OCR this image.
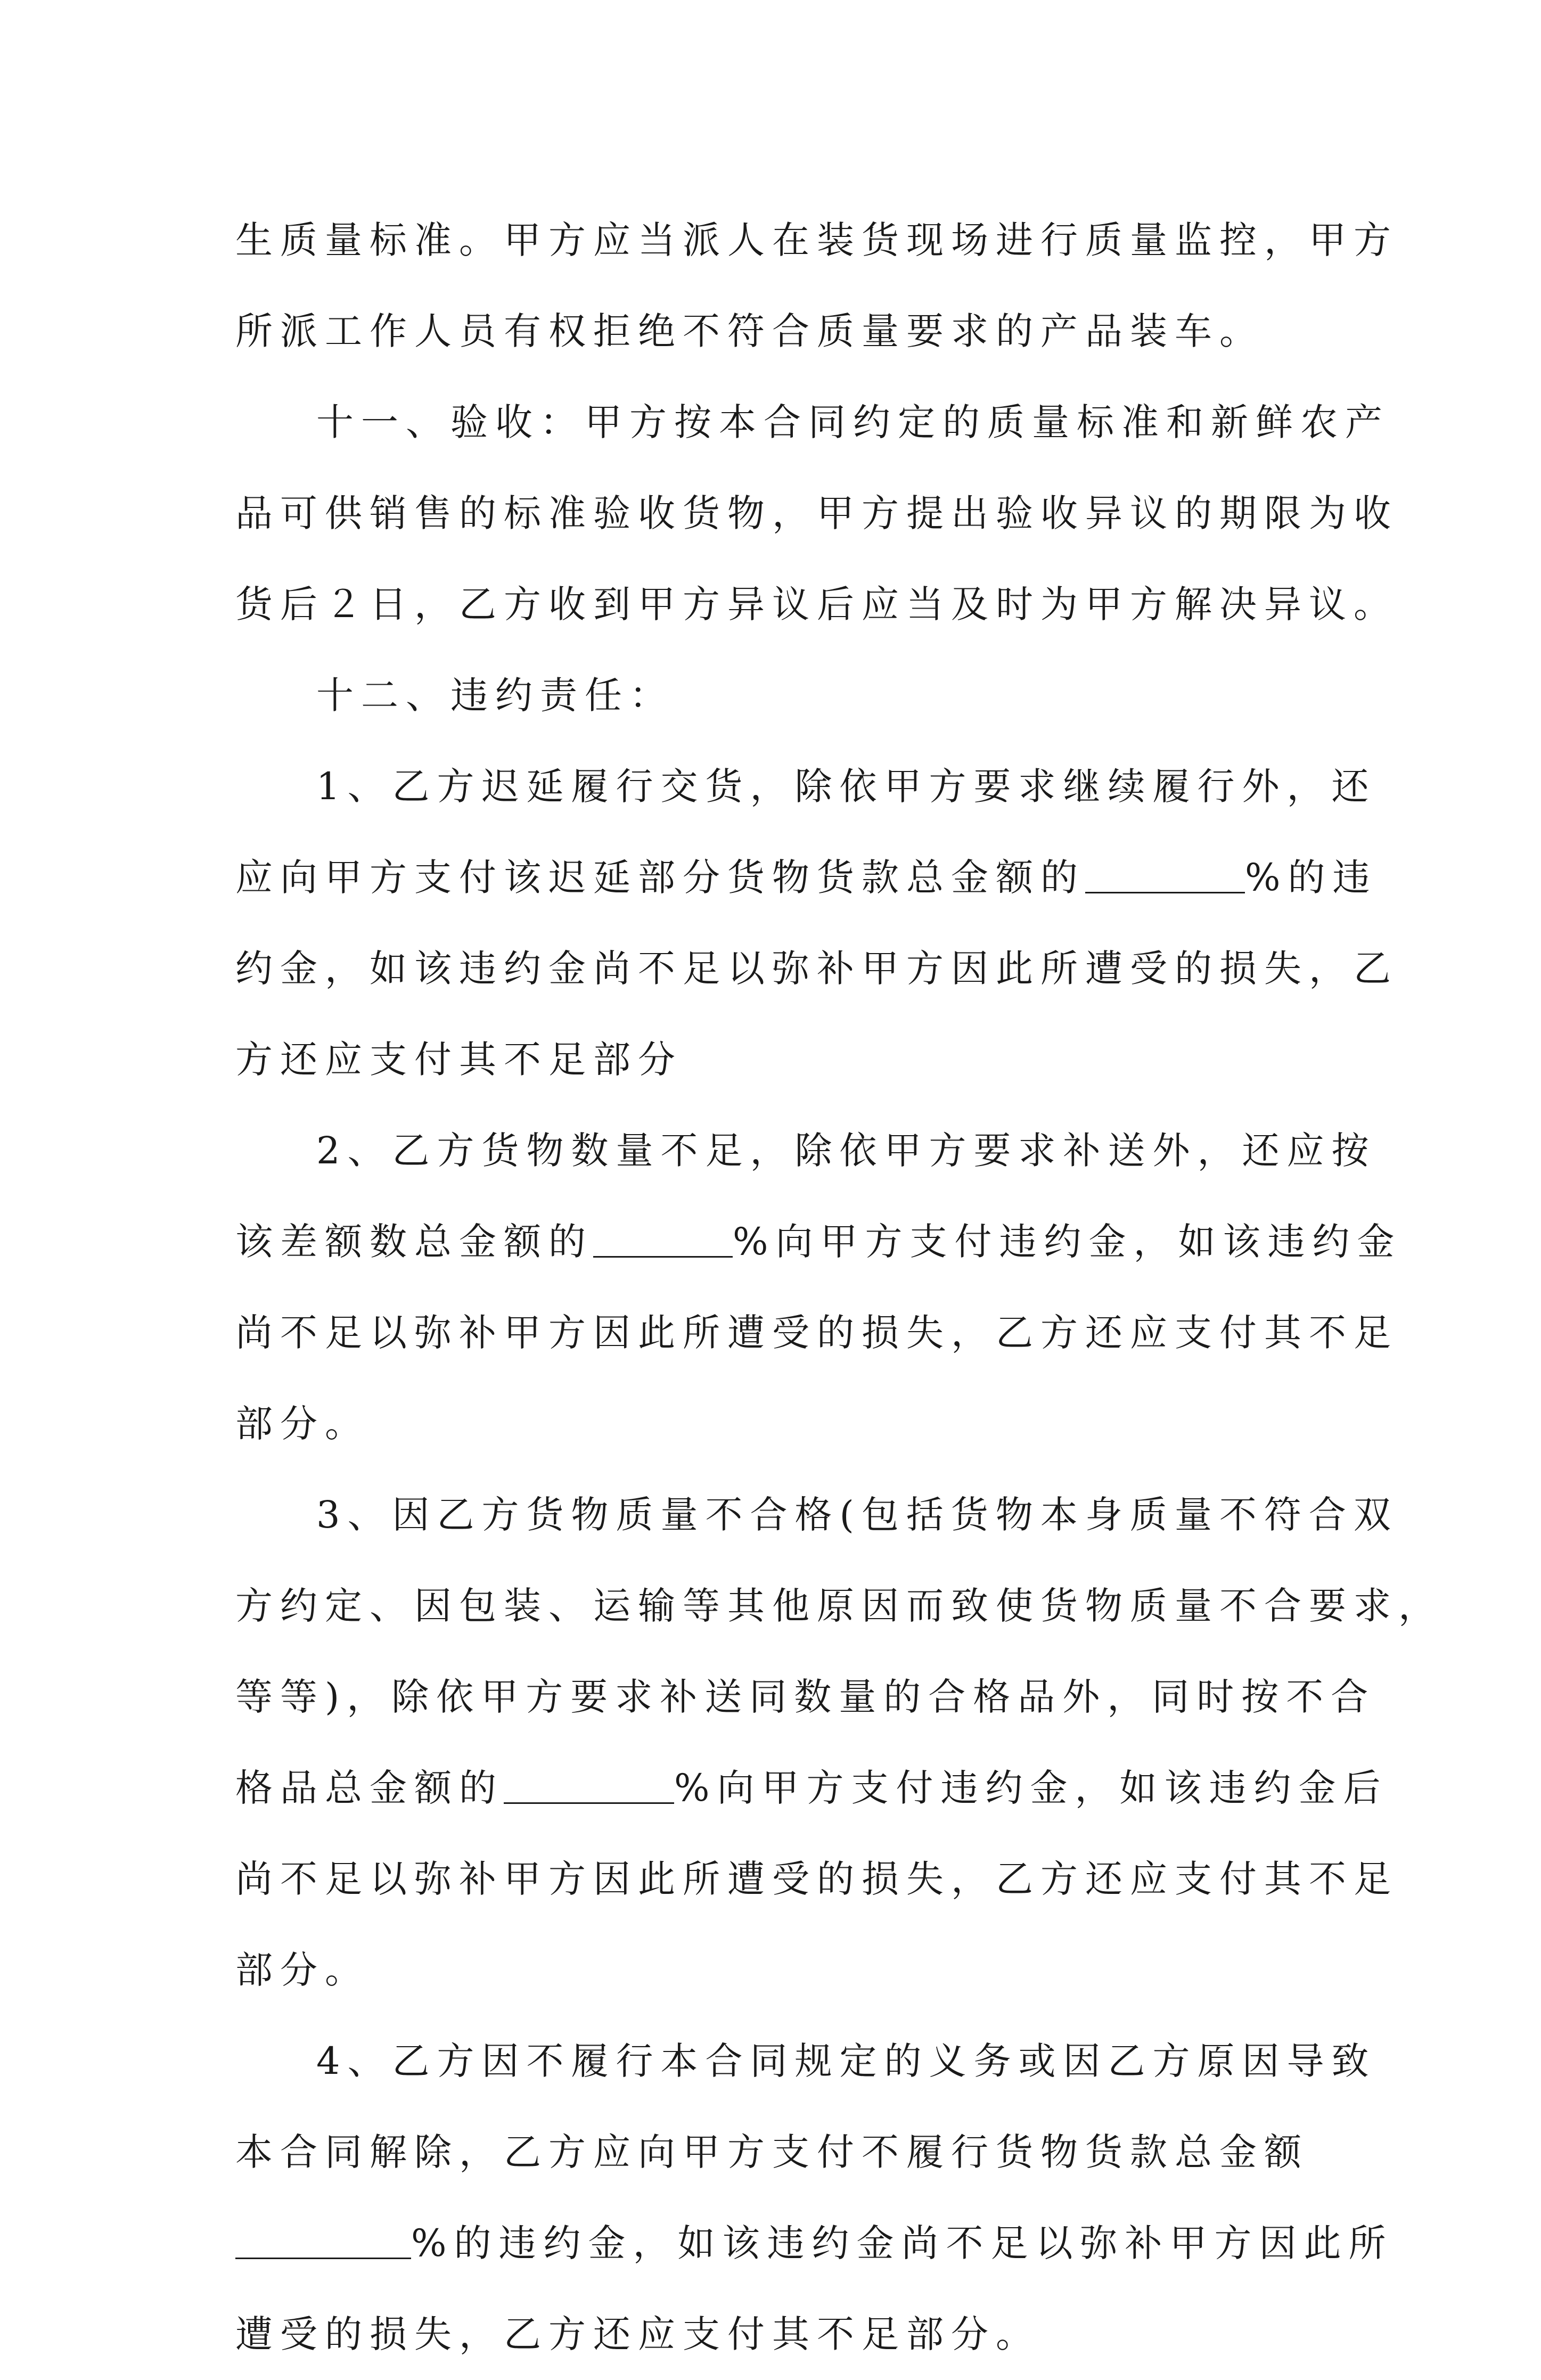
生质量标准。甲方应当派人在装货现场进行质量监控，甲方
所派工作人员有权拒绝不符合质量要求的产品装车。
十一、验收：甲方按本合同约定的质量标准和新鲜农产
品可供销售的标准验收货物，甲方提出验收异议的期限为收
货后２日，乙方收到甲方异议后应当及时为甲方解决异议。
十二、违约责任：
1、乙方迟延履行交货，除依甲方要求继续履行外，还
应向甲方支付该迟延部分货物货款总金额的	%的违
约金，如该违约金尚不足以弥补甲方因此所遭受的损失，乙
方还应支付其不足部分
2、乙方货物数量不足，除依甲方要求补送外，还应按
该差额数总金额的	%向甲方支付违约金，如该违约金
尚不足以弥补甲方因此所遭受的损失，乙方还应支付其不足
部分。
3、因乙方货物质量不合格(包括货物本身质量不符合双
方约定、因包装、运输等其他原因而致使货物质量不合要求，
等等)，除依甲方要求补送同数量的合格品外，同时按不合
格品总金额的	%向甲方支付违约金，如该违约金后
尚不足以弥补甲方因此所遭受的损失，乙方还应支付其不足
部分。
4、乙方因不履行本合同规定的义务或因乙方原因导致
本合同解除，乙方应向甲方支付不履行货物货款总金额
%的违约金，如该违约金尚不足以弥补甲方因此所
遭受的损失，乙方还应支付其不足部分。
